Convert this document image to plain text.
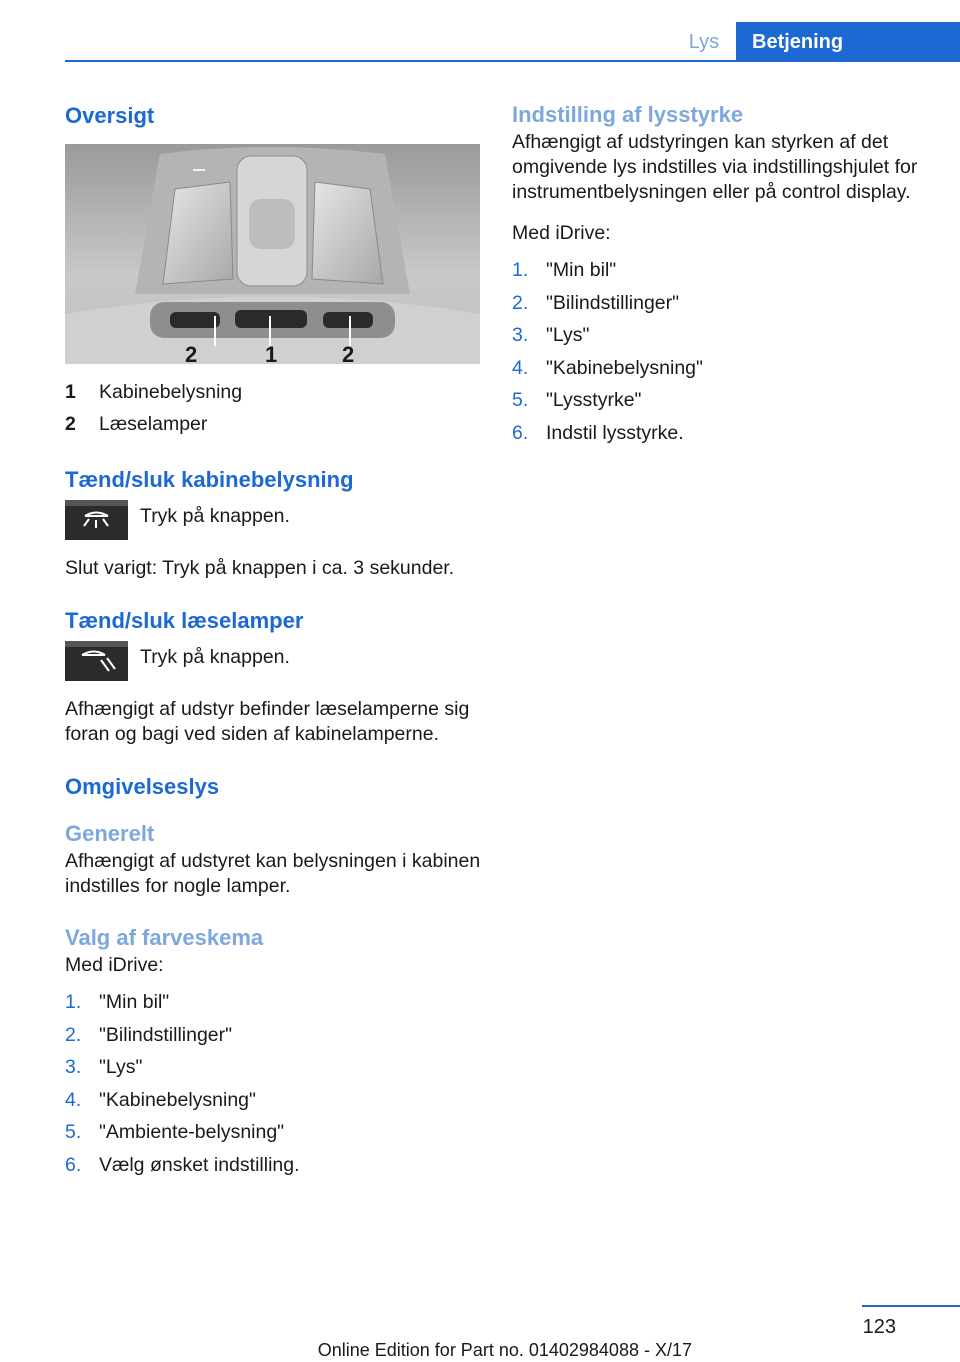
Lys	Betjening
Oversigt
2	1	2
1	Kabinebelysning
2	Læselamper
Tænd/sluk kabinebelysning

Tryk på knappen.

Slut varigt: Tryk på knappen i ca. 3 sekunder.

Tænd/sluk læselamper

Tryk på knappen.

Afhængigt af udstyr befinder læselamperne sig foran og bagi ved siden af kabinelamperne.

Omgivelseslys
Generelt

Afhængigt af udstyret kan belysningen i kabinen indstilles for nogle lamper.

Valg af farveskema

Med iDrive:

1. "Min bil"
2. "Bilindstillinger"
3. "Lys"
4. "Kabinebelysning"
5. "Ambiente-belysning"
6. Vælg ønsket indstilling.
Indstilling af lysstyrke

Afhængigt af udstyringen kan styrken af det omgivende lys indstilles via indstillingshjulet for instrumentbelysningen eller på control display.

Med iDrive:

1. "Min bil"
2. "Bilindstillinger"
3. "Lys"
4. "Kabinebelysning"
5. "Lysstyrke"
6. Indstil lysstyrke.
123
Online Edition for Part no. 01402984088 - X/17
